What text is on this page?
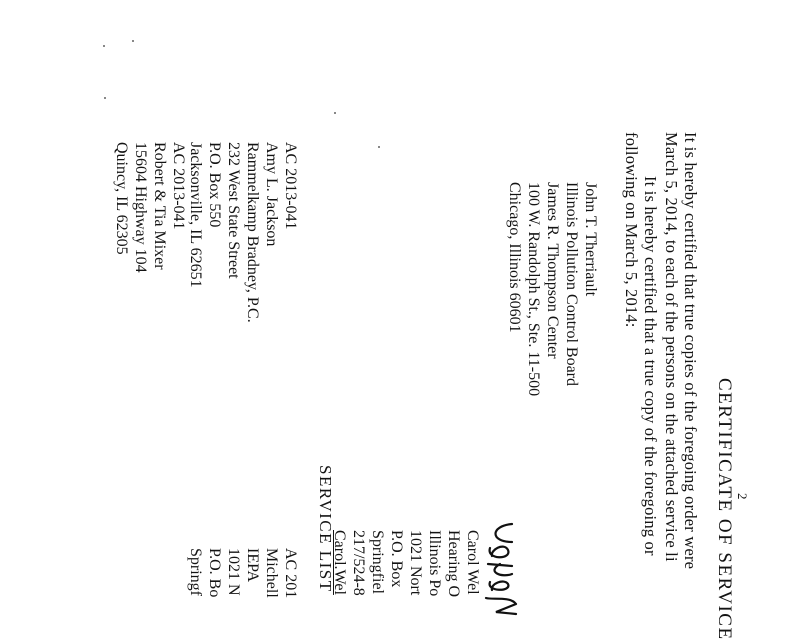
2
CERTIFICATE OF SERVICE
It is hereby certified that true copies of the foregoing order were
March 5, 2014, to each of the persons on the attached service li
It is hereby certified that a true copy of the foregoing or
following on March 5, 2014:
John T. Therriault
Illinois Pollution Control Board
James R. Thompson Center
100 W. Randolph St., Ste. 11-500
Chicago, Illinois 60601
Carol Wel
Hearing O
Illinois Po
1021 Nort
P.O. Box
Springfiel
217/524-8
Carol.Wel
SERVICE LIST
AC 2013-041
Amy L. Jackson
Rammelkamp Bradney, P.C.
232 West State Street
P.O. Box 550
Jacksonville, IL 62651
AC 2013-041
Robert & Tia Mixer
15604 Highway 104
Quincy, IL 62305
AC 201
Michell
IEPA
1021 N
P.O. Bo
Springf
